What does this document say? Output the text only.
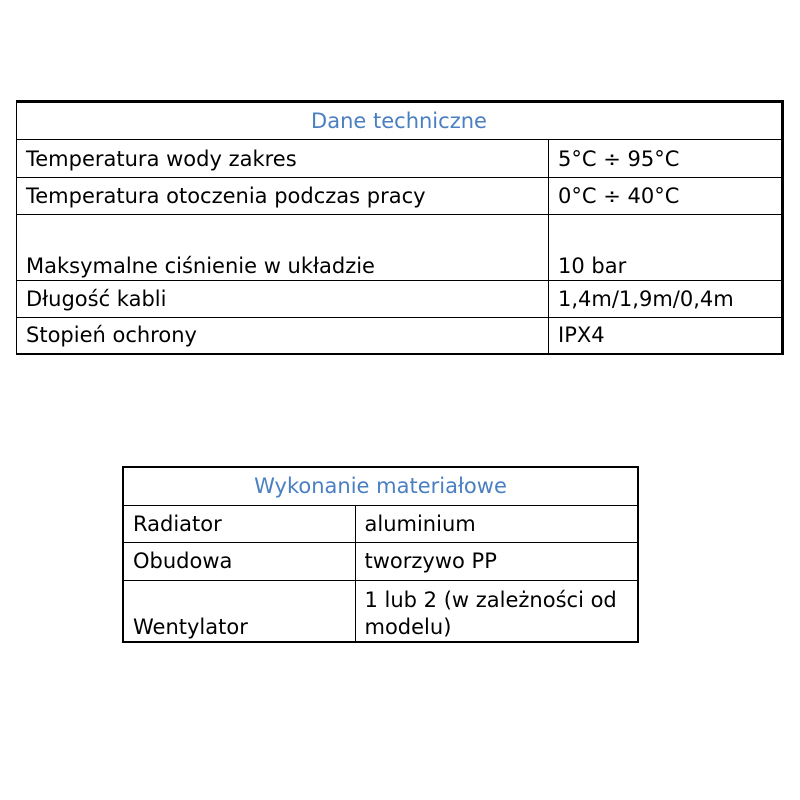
Dane techniczne	
Temperatura wody zakres	5°C ÷ 95°C
Temperatura otoczenia podczas pracy	0°C ÷ 40°C
Maksymalne ciśnienie w układzie	10 bar
Długość kabli	1,4m/1,9m/0,4m
Stopień ochrony	IPX4
Wykonanie materiałowe	
Radiator	aluminium
Obudowa	tworzywo PP
Wentylator	1 lub 2 (w zależności od modelu)
